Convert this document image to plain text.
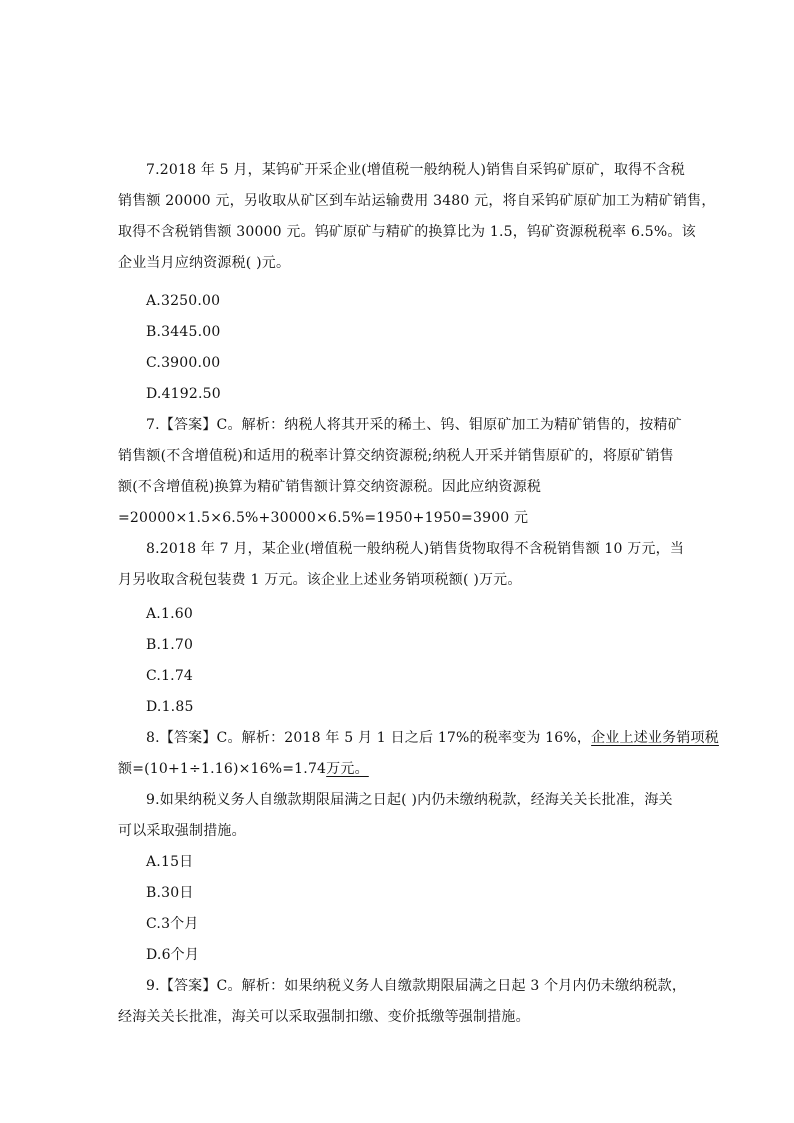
7.2018 年 5 月，某钨矿开采企业(增值税一般纳税人)销售自采钨矿原矿，取得不含税
销售额 20000 元，另收取从矿区到车站运输费用 3480 元，将自采钨矿原矿加工为精矿销售，
取得不含税销售额 30000 元。钨矿原矿与精矿的换算比为 1.5，钨矿资源税税率 6.5%。该
企业当月应纳资源税( )元。
A.3250.00
B.3445.00
C.3900.00
D.4192.50
7.【答案】C。解析：纳税人将其开采的稀土、钨、钼原矿加工为精矿销售的，按精矿
销售额(不含增值税)和适用的税率计算交纳资源税;纳税人开采并销售原矿的，将原矿销售
额(不含增值税)换算为精矿销售额计算交纳资源税。因此应纳资源税
=20000×1.5×6.5%+30000×6.5%=1950+1950=3900 元
8.2018 年 7 月，某企业(增值税一般纳税人)销售货物取得不含税销售额 10 万元，当
月另收取含税包装费 1 万元。该企业上述业务销项税额( )万元。
A.1.60
B.1.70
C.1.74
D.1.85
8.【答案】C。解析：2018 年 5 月 1 日之后 17%的税率变为 16%，企业上述业务销项税
额=(10+1÷1.16)×16%=1.74万元。
9.如果纳税义务人自缴款期限届满之日起( )内仍未缴纳税款，经海关关长批准，海关
可以采取强制措施。
A.15日
B.30日
C.3个月
D.6个月
9.【答案】C。解析：如果纳税义务人自缴款期限届满之日起 3 个月内仍未缴纳税款，
经海关关长批准，海关可以采取强制扣缴、变价抵缴等强制措施。
